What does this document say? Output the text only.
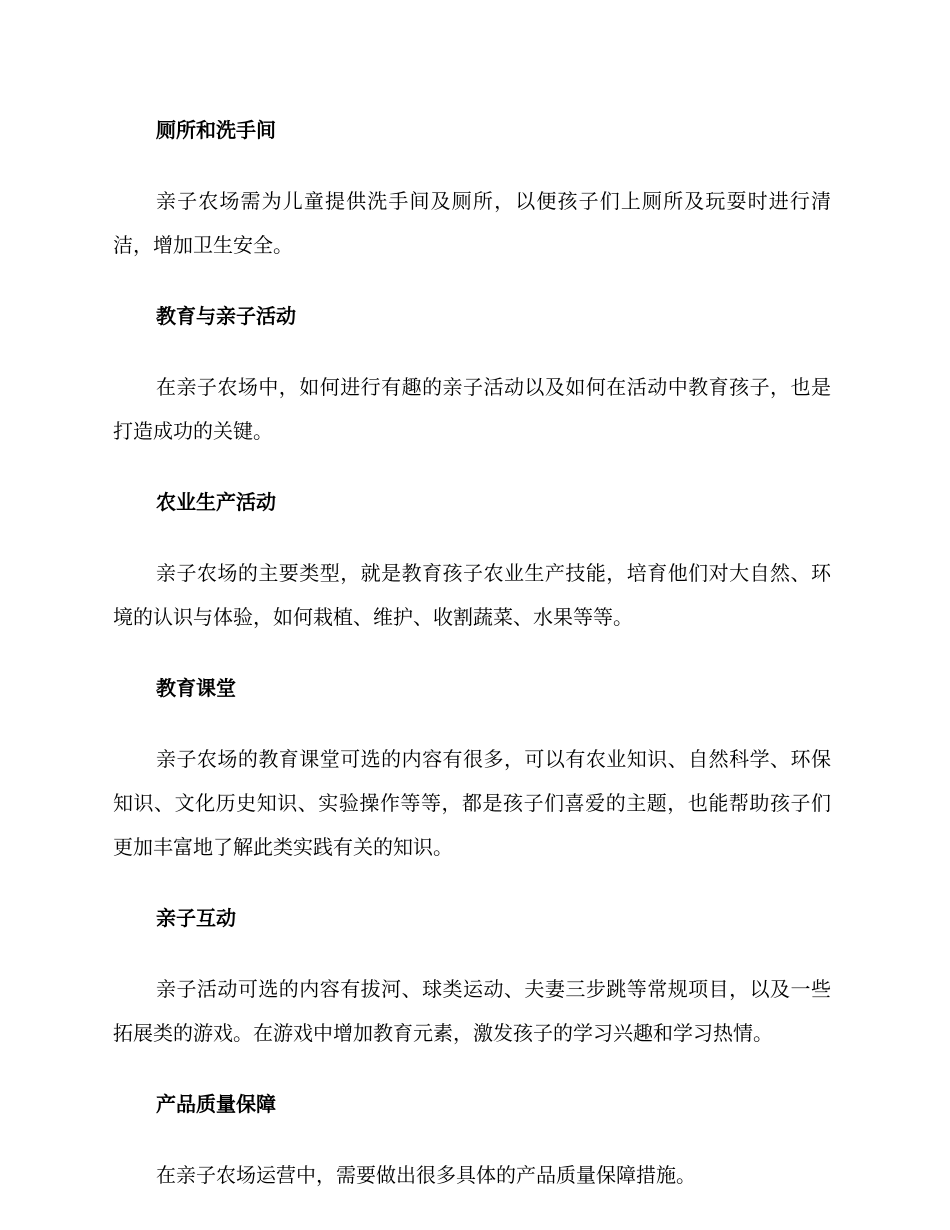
厕所和洗手间

亲子农场需为儿童提供洗手间及厕所，以便孩子们上厕所及玩耍时进行清洁，增加卫生安全。

教育与亲子活动

在亲子农场中，如何进行有趣的亲子活动以及如何在活动中教育孩子，也是打造成功的关键。

农业生产活动

亲子农场的主要类型，就是教育孩子农业生产技能，培育他们对大自然、环境的认识与体验，如何栽植、维护、收割蔬菜、水果等等。

教育课堂

亲子农场的教育课堂可选的内容有很多，可以有农业知识、自然科学、环保知识、文化历史知识、实验操作等等，都是孩子们喜爱的主题，也能帮助孩子们更加丰富地了解此类实践有关的知识。

亲子互动

亲子活动可选的内容有拔河、球类运动、夫妻三步跳等常规项目，以及一些拓展类的游戏。在游戏中增加教育元素，激发孩子的学习兴趣和学习热情。

产品质量保障

在亲子农场运营中，需要做出很多具体的产品质量保障措施。
